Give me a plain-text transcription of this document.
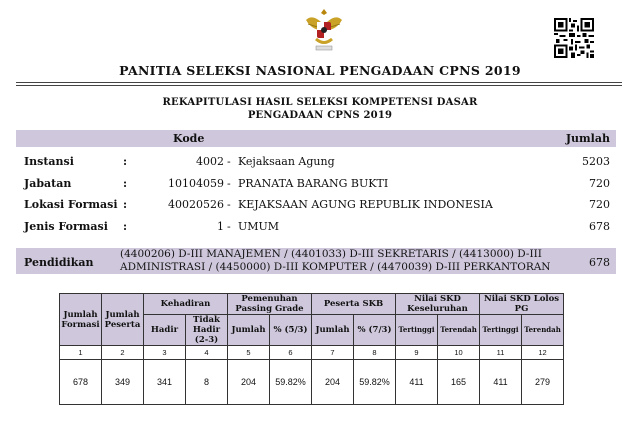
PANITIA SELEKSI NASIONAL PENGADAAN CPNS 2019
REKAPITULASI HASIL SELEKSI KOMPETENSI DASAR
PENGADAAN CPNS 2019
Kode	Jumlah
Instansi	:	4002 - Kejaksaan Agung	5203
Jabatan	:	10104059 - PRANATA BARANG BUKTI	720
Lokasi Formasi :	40020526 - KEJAKSAAN AGUNG REPUBLIK INDONESIA	720
Jenis Formasi :	1 - UMUM	678
Pendidikan
(4400206) D-III MANAJEMEN / (4401033) D-III SEKRETARIS / (4413000) D-III ADMINISTRASI / (4450000) D-III KOMPUTER / (4470039) D-III PERKANTORAN	678
Jumlah Formasi	Jumlah Peserta	Kehadiran		Pemenuhan Passing Grade		Peserta SKB		Nilai SKD Keseluruhan		Nilai SKD Lolos PG	
		Hadir	Tidak Hadir (2-3)	Jumlah	% (5/3)	Jumlah	% (7/3)	Tertinggi	Terendah	Tertinggi	Terendah
1	2	3	4	5	6	7	8	9	10	11	12
678	349	341	8	204	59.82%	204	59.82%	411	165	411	279
